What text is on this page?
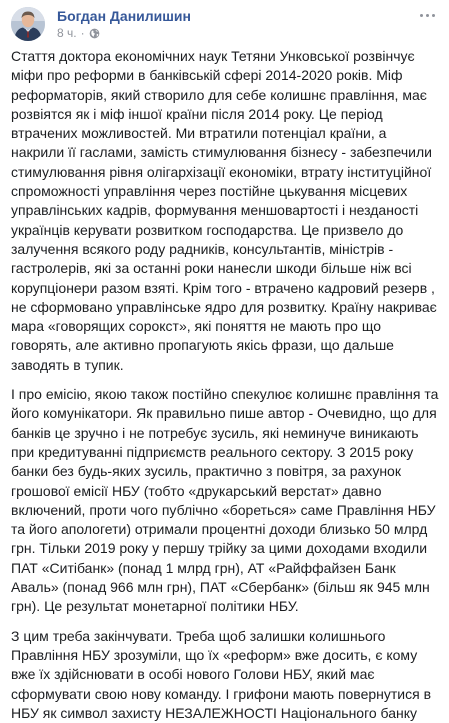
Богдан Данилишин
8 ч. ·

Стаття доктора економічних наук Тетяни Унковської розвінчує міфи про реформи в банківській сфері 2014-2020 років. Міф реформаторів, який створило для себе колишнє правління, має розвіятся як і міф іншої країни після 2014 року. Це період втрачених можливостей. Ми втратили потенціал країни, а накрили її гаслами, замість стимулювання бізнесу - забезпечили стимулювання рівня олігархізації економіки, втрату інституційної спроможності управління через постійне цькування місцевих управлінських кадрів, формування меншовартості і незданості українців керувати розвитком господарства. Це призвело до залучення всякого роду радників, консультантів, міністрів - гастролерів, які за останні роки нанесли шкоди більше ніж всі корупціонери разом взяті. Крім того - втрачено кадровий резерв , не сформовано управлінське ядро для розвитку. Країну накриває мара «говорящих сорокст», які поняття не мають про що говорять, але активно пропагують якісь фрази, що дальше заводять в тупик.

І про емісію, якою також постійно спекулює колишнє правління та його комунікатори. Як правильно пише автор - Очевидно, що для банків це зручно і не потребує зусиль, які неминуче виникають при кредитуванні підприємств реального сектору. З 2015 року банки без будь-яких зусиль, практично з повітря, за рахунок грошової емісії НБУ (тобто «друкарський верстат» давно включений, проти чого публічно «бореться» саме Правління НБУ та його апологети) отримали процентні доходи близько 50 млрд грн. Тільки 2019 року у першу трійку за цими доходами входили ПАТ «Ситібанк» (понад 1 млрд грн), АТ «Райффайзен Банк Аваль» (понад 966 млн грн), ПАТ «Сбербанк» (більш як 945 млн грн). Це результат монетарної політики НБУ.

З цим треба закінчувати. Треба щоб залишки колишнього Правління НБУ зрозуміли, що їх «реформ» вже досить, є кому вже їх здійснювати в особі нового Голови НБУ, який має сформувати свою нову команду. І грифони мають повернутися в НБУ як символ захисту НЕЗАЛЕЖНОСТІ Національного банку
